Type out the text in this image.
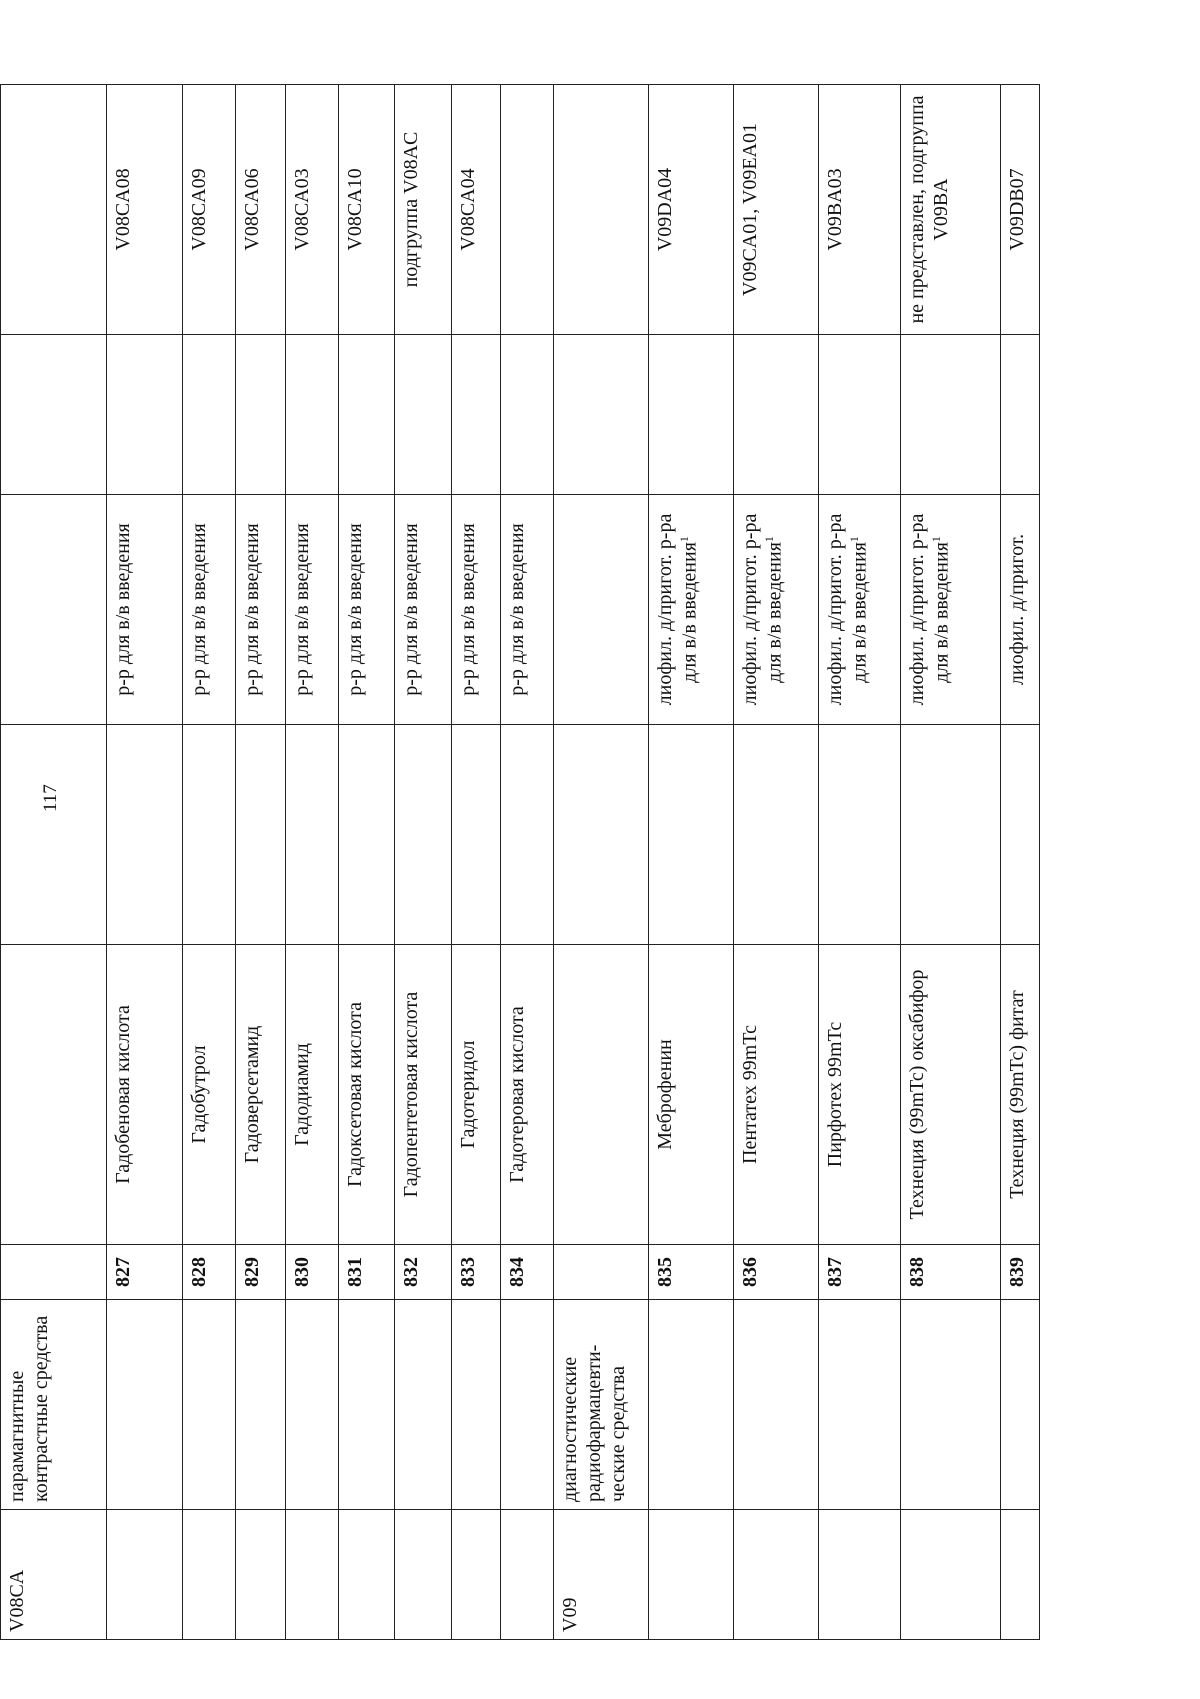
117
V08CA	парамагнитные контрастные средства						
		827	Гадобеновая кислота		р-р для в/в введения		V08CA08
		828	Гадобутрол		р-р для в/в введения		V08CA09
		829	Гадоверсетамид		р-р для в/в введения		V08CA06
		830	Гадодиамид		р-р для в/в введения		V08CA03
		831	Гадоксетовая кислота		р-р для в/в введения		V08CA10
		832	Гадопентетовая кислота		р-р для в/в введения		подгруппа V08AC
		833	Гадотеридол		р-р для в/в введения		V08CA04
		834	Гадотеровая кислота		р-р для в/в введения		
V09	диагностические радиофармацевти-ческие средства						
		835	Меброфенин		лиофил. д/пригот. р-ра для в/в введения$^1$		V09DA04
		836	Пентатех 99mTc		лиофил. д/пригот. р-ра для в/в введения$^1$		V09CA01, V09EA01
		837	Пирфотех 99mTc		лиофил. д/пригот. р-ра для в/в введения$^1$		V09BA03
		838	Технеция (99mTc) оксабифор		лиофил. д/пригот. р-ра для в/в введения$^1$		не представлен, подгруппа V09BA
		839	Технеция (99mTc) фитат		лиофил. д/пригот.		V09DB07
